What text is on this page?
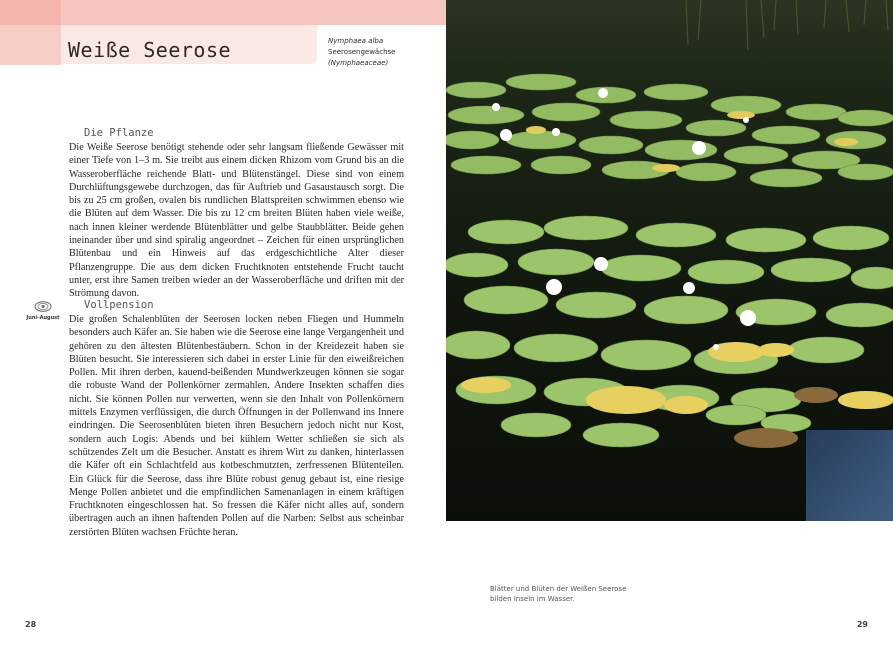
Weiße Seerose	Nymphaea alba
Seerosengewächse
(Nymphaeaceae)
Die Pflanze

Die Weiße Seerose benötigt stehende oder sehr langsam fließende Gewässer mit einer Tiefe von 1–3 m. Sie treibt aus einem dicken Rhizom vom Grund bis an die Wasseroberfläche reichende Blatt- und Blütenstängel. Diese sind von einem Durchlüftungsgewebe durchzogen, das für Auftrieb und Gasaustausch sorgt. Die bis zu 25 cm großen, ovalen bis rundlichen Blattspreiten schwimmen ebenso wie die Blüten auf dem Wasser. Die bis zu 12 cm breiten Blüten haben viele weiße, nach innen kleiner werdende Blütenblätter und gelbe Staubblätter. Beide gehen ineinander über und sind spiralig angeordnet – Zeichen für einen ursprünglichen Blütenbau und ein Hinweis auf das erdgeschichtliche Alter dieser Pflanzengruppe. Die aus dem dicken Fruchtknoten entstehende Frucht taucht unter, erst ihre Samen treiben wieder an der Wasseroberfläche und driften mit der Strömung davon.

Juni–August
Vollpension

Die großen Schalenblüten der Seerosen locken neben Fliegen und Hummeln besonders auch Käfer an. Sie haben wie die Seerose eine lange Vergangenheit und gehören zu den ältesten Blütenbestäubern. Schon in der Kreidezeit haben sie Blüten besucht. Sie interessieren sich dabei in erster Linie für den eiweißreichen Pollen. Mit ihren derben, kauend-beißenden Mundwerkzeugen können sie sogar die robuste Wand der Pollenkörner zermahlen. Andere Insekten schaffen dies nicht. Sie können Pollen nur verwerten, wenn sie den Inhalt von Pollenkörnern mittels Enzymen verflüssigen, die durch Öffnungen in der Pollenwand ins Innere eindringen. Die Seerosenblüten bieten ihren Besuchern jedoch nicht nur Kost, sondern auch Logis: Abends und bei kühlem Wetter schließen sie sich als schützendes Zelt um die Besucher. Anstatt es ihrem Wirt zu danken, hinterlassen die Käfer oft ein Schlachtfeld aus kotbeschmutzten, zerfressenen Blütenteilen. Ein Glück für die Seerose, dass ihre Blüte robust genug gebaut ist, eine riesige Menge Pollen anbietet und die empfindlichen Samenanlagen in einem kräftigen Fruchtknoten eingeschlossen hat. So fressen die Käfer nicht alles auf, sondern übertragen auch an ihnen haftenden Pollen auf die Narben: Selbst aus scheinbar zerstörten Blüten wachsen Früchte heran.

28
Blätter und Blüten der Weißen Seerose
bilden Inseln im Wasser.
29
